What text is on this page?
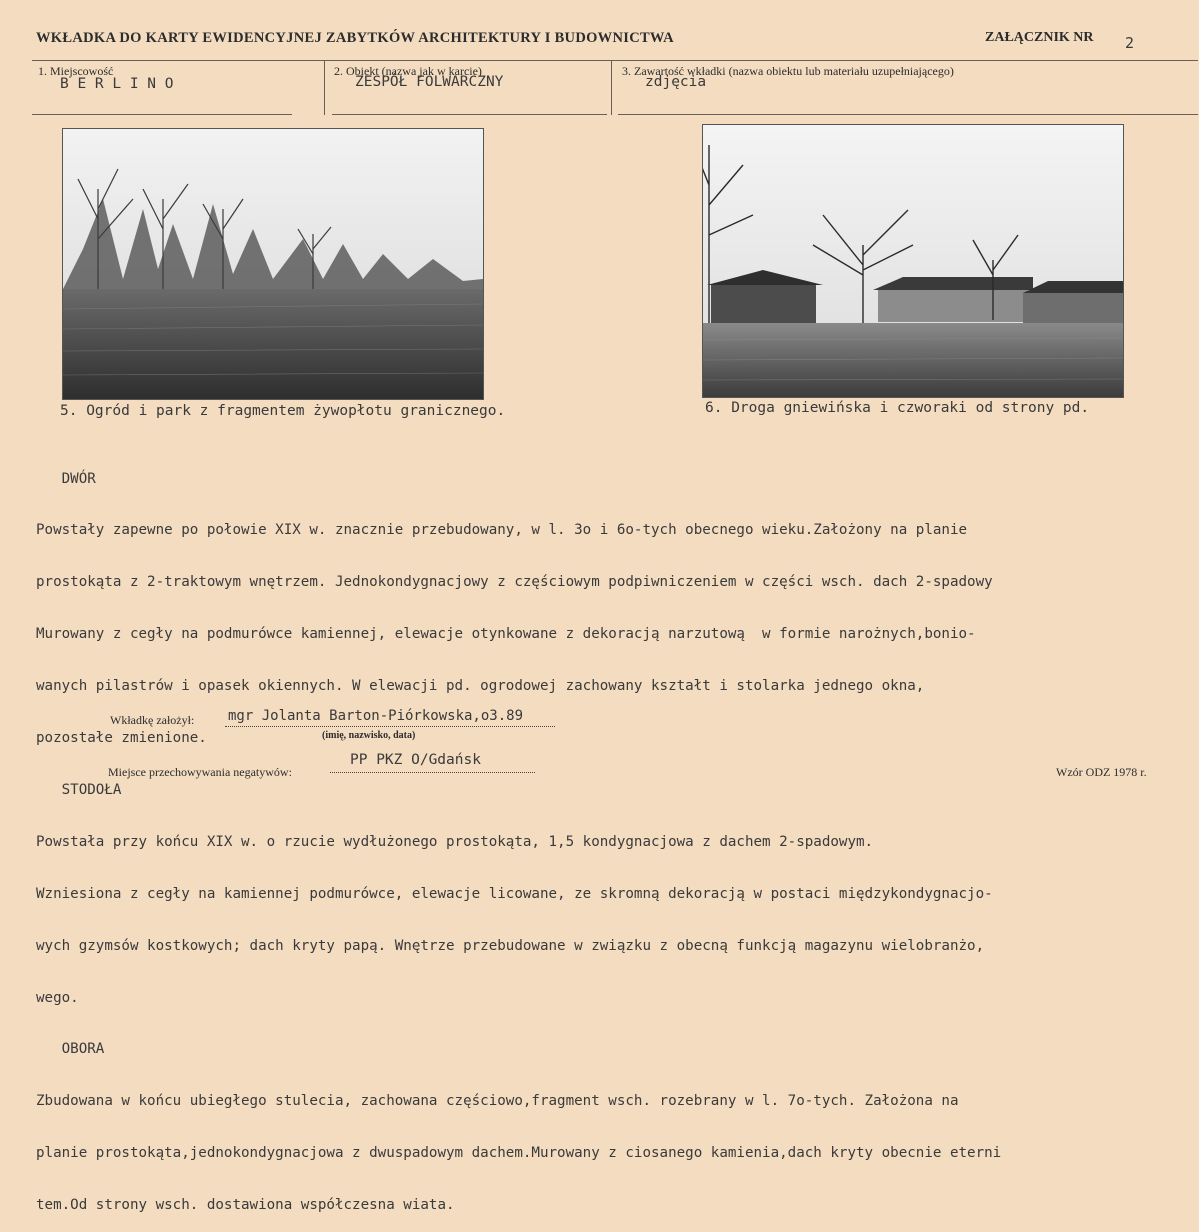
WKŁADKA DO KARTY EWIDENCYJNEJ ZABYTKÓW ARCHITEKTURY I BUDOWNICTWA	ZAŁĄCZNIK NR 2
1. Miejscowość
B E R L I N O
2. Obiekt (nazwa jak w karcie)
ZESPÓŁ FOLWARCZNY
3. Zawartość wkładki (nazwa obiektu lub materiału uzupełniającego)
zdjęcia
5. Ogród i park z fragmentem żywopłotu granicznego.	6. Droga gniewińska i czworaki od strony pd.

DWÓR

Powstały zapewne po połowie XIX w. znacznie przebudowany, w l. 3o i 6o-tych obecnego wieku.Założony na planie

prostokąta z 2-traktowym wnętrzem. Jednokondygnacjowy z częściowym podpiwniczeniem w części wsch. dach 2-spadowy

Murowany z cegły na podmurówce kamiennej, elewacje otynkowane z dekoracją narzutową  w formie narożnych,bonio-

wanych pilastrów i opasek okiennych. W elewacji pd. ogrodowej zachowany kształt i stolarka jednego okna,

pozostałe zmienione.

STODOŁA

Powstała przy końcu XIX w. o rzucie wydłużonego prostokąta, 1,5 kondygnacjowa z dachem 2-spadowym.

Wzniesiona z cegły na kamiennej podmurówce, elewacje licowane, ze skromną dekoracją w postaci międzykondygnacjo-

wych gzymsów kostkowych; dach kryty papą. Wnętrze przebudowane w związku z obecną funkcją magazynu wielobranżo,

wego.

OBORA

Zbudowana w końcu ubiegłego stulecia, zachowana częściowo,fragment wsch. rozebrany w l. 7o-tych. Założona na

planie prostokąta,jednokondygnacjowa z dwuspadowym dachem.Murowany z ciosanego kamienia,dach kryty obecnie eterni

tem.Od strony wsch. dostawiona współczesna wiata.

Wkładkę założył: mgr Jolanta Barton-Piórkowska,o3.89
(imię, nazwisko, data)
Miejsce przechowywania negatywów:
PP PKZ O/Gdańsk
Wzór ODZ 1978 r.
